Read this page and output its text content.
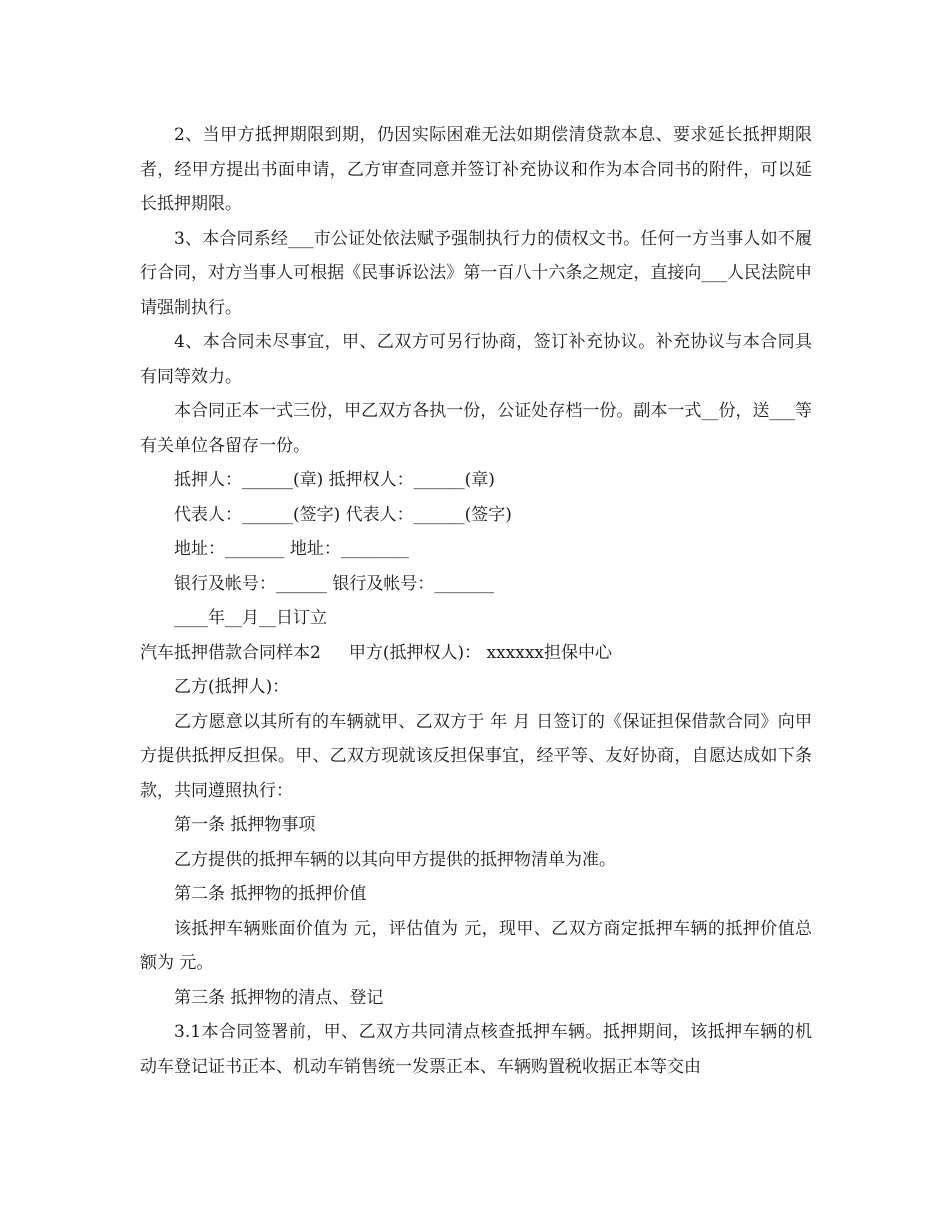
2、当甲方抵押期限到期，仍因实际困难无法如期偿清贷款本息、要求延长抵押期限者，经甲方提出书面申请，乙方审查同意并签订补充协议和作为本合同书的附件，可以延长抵押期限。

3、本合同系经___市公证处依法赋予强制执行力的债权文书。任何一方当事人如不履行合同，对方当事人可根据《民事诉讼法》第一百八十六条之规定，直接向___人民法院申请强制执行。

4、本合同未尽事宜，甲、乙双方可另行协商，签订补充协议。补充协议与本合同具有同等效力。

本合同正本一式三份，甲乙双方各执一份，公证处存档一份。副本一式__份，送___等有关单位各留存一份。

抵押人：______(章) 抵押权人：______(章)

代表人：______(签字) 代表人：______(签字)

地址：_______ 地址：________

银行及帐号：______ 银行及帐号：_______

____年__月__日订立

汽车抵押借款合同样本2 甲方(抵押权人)： xxxxxx担保中心

乙方(抵押人)：

乙方愿意以其所有的车辆就甲、乙双方于 年 月 日签订的《保证担保借款合同》向甲方提供抵押反担保。甲、乙双方现就该反担保事宜，经平等、友好协商，自愿达成如下条款，共同遵照执行：

第一条 抵押物事项

乙方提供的抵押车辆的以其向甲方提供的抵押物清单为准。

第二条 抵押物的抵押价值

该抵押车辆账面价值为 元，评估值为 元，现甲、乙双方商定抵押车辆的抵押价值总额为 元。

第三条 抵押物的清点、登记

3.1本合同签署前，甲、乙双方共同清点核查抵押车辆。抵押期间，该抵押车辆的机动车登记证书正本、机动车销售统一发票正本、车辆购置税收据正本等交由
